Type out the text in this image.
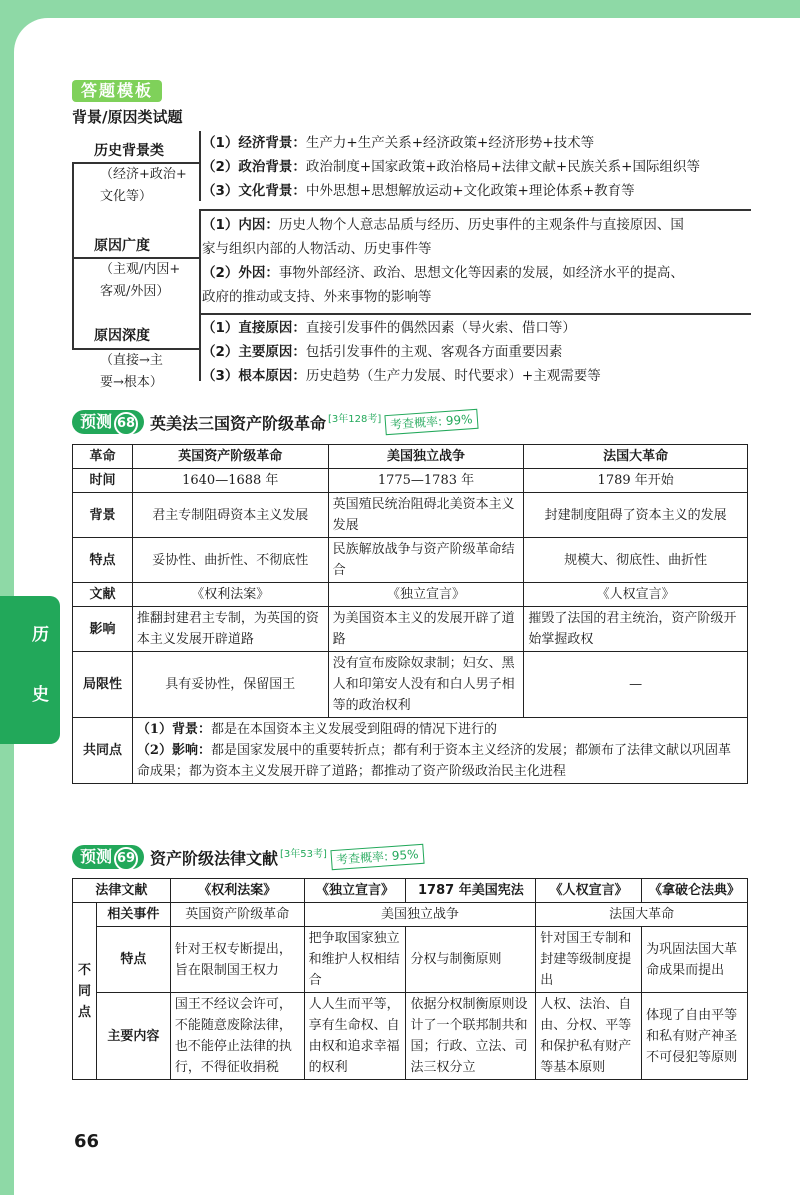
历
史
答题模板
背景/原因类试题
历史背景类
（经济+政治+
文化等）
（1）经济背景：生产力+生产关系+经济政策+经济形势+技术等
（2）政治背景：政治制度+国家政策+政治格局+法律文献+民族关系+国际组织等
（3）文化背景：中外思想+思想解放运动+文化政策+理论体系+教育等
原因广度
（主观/内因+
客观/外因）
（1）内因：历史人物个人意志品质与经历、历史事件的主观条件与直接原因、国
家与组织内部的人物活动、历史事件等
（2）外因：事物外部经济、政治、思想文化等因素的发展，如经济水平的提高、
政府的推动或支持、外来事物的影响等
原因深度
（直接→主
要→根本）
（1）直接原因：直接引发事件的偶然因素（导火索、借口等）
（2）主要原因：包括引发事件的主观、客观各方面重要因素
（3）根本原因：历史趋势（生产力发展、时代要求）+主观需要等
预测 68 英美法三国资产阶级革命 [3年128考] 考查概率: 99%
革命	英国资产阶级革命	美国独立战争	法国大革命
时间	1640—1688 年	1775—1783 年	1789 年开始
背景	君主专制阻碍资本主义发展	英国殖民统治阻碍北美资本主义发展	封建制度阻碍了资本主义的发展
特点	妥协性、曲折性、不彻底性	民族解放战争与资产阶级革命结合	规模大、彻底性、曲折性
文献	《权利法案》	《独立宣言》	《人权宣言》
影响	推翻封建君主专制，为英国的资本主义发展开辟道路	为美国资本主义的发展开辟了道路	摧毁了法国的君主统治，资产阶级开始掌握政权
局限性	具有妥协性，保留国王	没有宣布废除奴隶制；妇女、黑人和印第安人没有和白人男子相等的政治权利	—
共同点	（1）背景：都是在本国资本主义发展受到阻碍的情况下进行的
（2）影响：都是国家发展中的重要转折点；都有利于资本主义经济的发展；都颁布了法律文献以巩固革命成果；都为资本主义发展开辟了道路；都推动了资产阶级政治民主化进程		
预测 69 资产阶级法律文献 [3年53考] 考查概率: 95%
法律文献		《权利法案》	《独立宣言》	1787 年美国宪法	《人权宣言》	《拿破仑法典》
不同点	相关事件	英国资产阶级革命	美国独立战争		法国大革命	
	特点	针对王权专断提出，旨在限制国王权力	把争取国家独立和维护人权相结合	分权与制衡原则	针对国王专制和封建等级制度提出	为巩固法国大革命成果而提出
	主要内容	国王不经议会许可，不能随意废除法律，也不能停止法律的执行，不得征收捐税	人人生而平等，享有生命权、自由权和追求幸福的权利	依据分权制衡原则设计了一个联邦制共和国；行政、立法、司法三权分立	人权、法治、自由、分权、平等和保护私有财产等基本原则	体现了自由平等和私有财产神圣不可侵犯等原则
66
